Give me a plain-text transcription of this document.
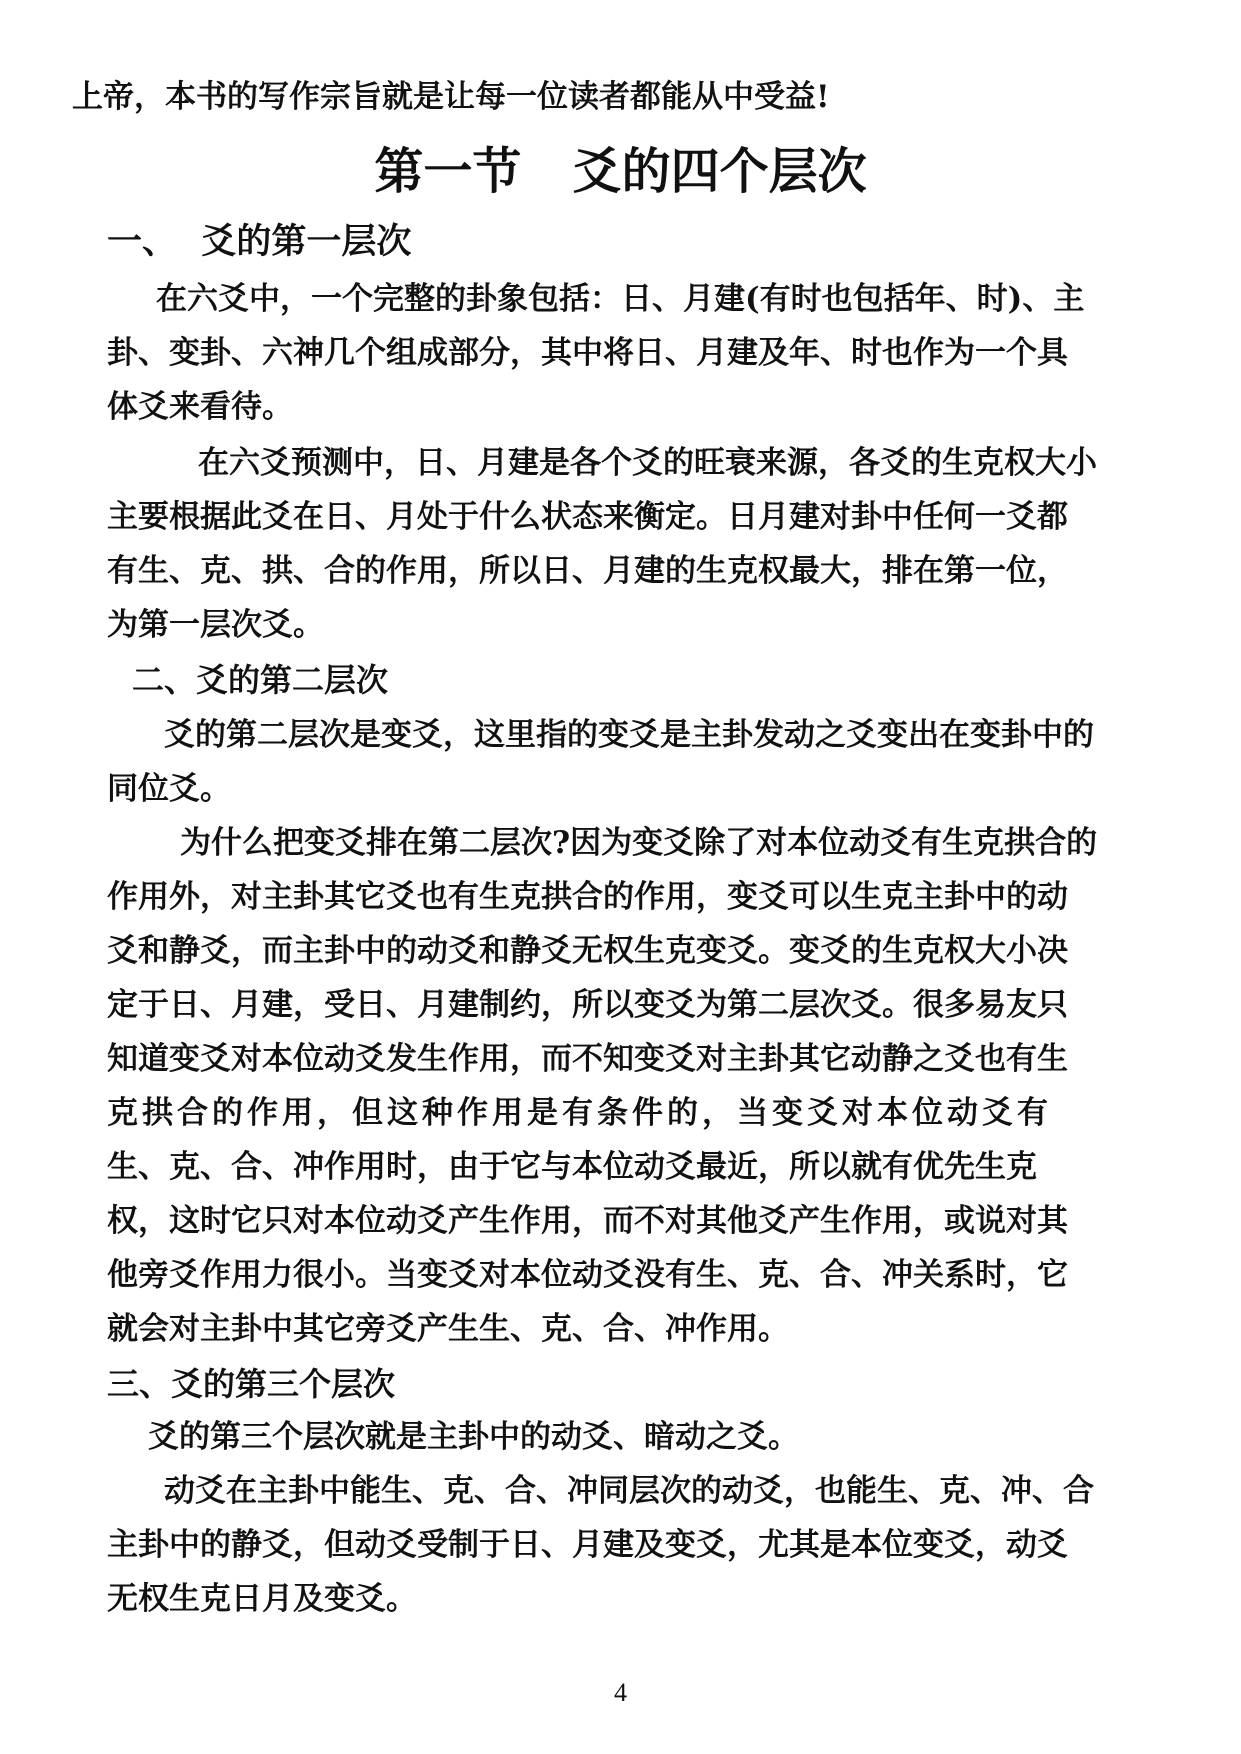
上帝，本书的写作宗旨就是让每一位读者都能从中受益!
第一节   爻的四个层次
一、  爻的第一层次
在六爻中，一个完整的卦象包括：日、月建(有时也包括年、时)、主
卦、变卦、六神几个组成部分，其中将日、月建及年、时也作为一个具
体爻来看待。
在六爻预测中，日、月建是各个爻的旺衰来源，各爻的生克权大小
主要根据此爻在日、月处于什么状态来衡定。日月建对卦中任何一爻都
有生、克、拱、合的作用，所以日、月建的生克权最大，排在第一位，
为第一层次爻。
二、爻的第二层次
爻的第二层次是变爻，这里指的变爻是主卦发动之爻变出在变卦中的
同位爻。
为什么把变爻排在第二层次?因为变爻除了对本位动爻有生克拱合的
作用外，对主卦其它爻也有生克拱合的作用，变爻可以生克主卦中的动
爻和静爻，而主卦中的动爻和静爻无权生克变爻。变爻的生克权大小决
定于日、月建，受日、月建制约，所以变爻为第二层次爻。很多易友只
知道变爻对本位动爻发生作用，而不知变爻对主卦其它动静之爻也有生
克拱合的作用，但这种作用是有条件的，当变爻对本位动爻有
生、克、合、冲作用时，由于它与本位动爻最近，所以就有优先生克
权，这时它只对本位动爻产生作用，而不对其他爻产生作用，或说对其
他旁爻作用力很小。当变爻对本位动爻没有生、克、合、冲关系时，它
就会对主卦中其它旁爻产生生、克、合、冲作用。
三、爻的第三个层次
爻的第三个层次就是主卦中的动爻、暗动之爻。
动爻在主卦中能生、克、合、冲同层次的动爻，也能生、克、冲、合
主卦中的静爻，但动爻受制于日、月建及变爻，尤其是本位变爻，动爻
无权生克日月及变爻。
4
